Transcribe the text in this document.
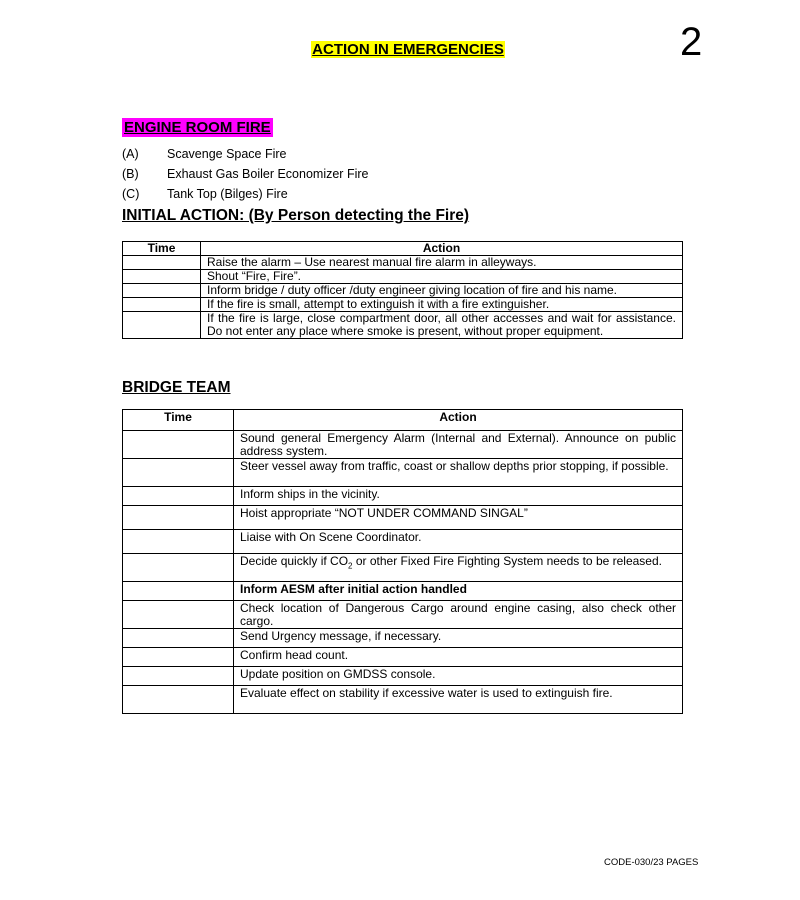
2
ACTION IN EMERGENCIES
ENGINE ROOM FIRE
(A) Scavenge Space Fire
(B) Exhaust Gas Boiler Economizer Fire
(C) Tank Top (Bilges) Fire
INITIAL ACTION: (By Person detecting the Fire)
Time	Action
	Raise the alarm – Use nearest manual fire alarm in alleyways.
	Shout “Fire, Fire”.
	Inform bridge / duty officer /duty engineer giving location of fire and his name.
	If the fire is small, attempt to extinguish it with a fire extinguisher.
	If the fire is large, close compartment door, all other accesses and wait for assistance. Do not enter any place where smoke is present, without proper equipment.
BRIDGE TEAM
Time	Action
	Sound general Emergency Alarm (Internal and External). Announce on public address system.
	Steer vessel away from traffic, coast or shallow depths prior stopping, if possible.
	Inform ships in the vicinity.
	Hoist appropriate “NOT UNDER COMMAND SINGAL”
	Liaise with On Scene Coordinator.
	Decide quickly if $CO_2$ or other Fixed Fire Fighting System needs to be released.
	Inform AESM after initial action handled
	Check location of Dangerous Cargo around engine casing, also check other cargo.
	Send Urgency message, if necessary.
	Confirm head count.
	Update position on GMDSS console.
	Evaluate effect on stability if excessive water is used to extinguish fire.
CODE-030/23 PAGES
